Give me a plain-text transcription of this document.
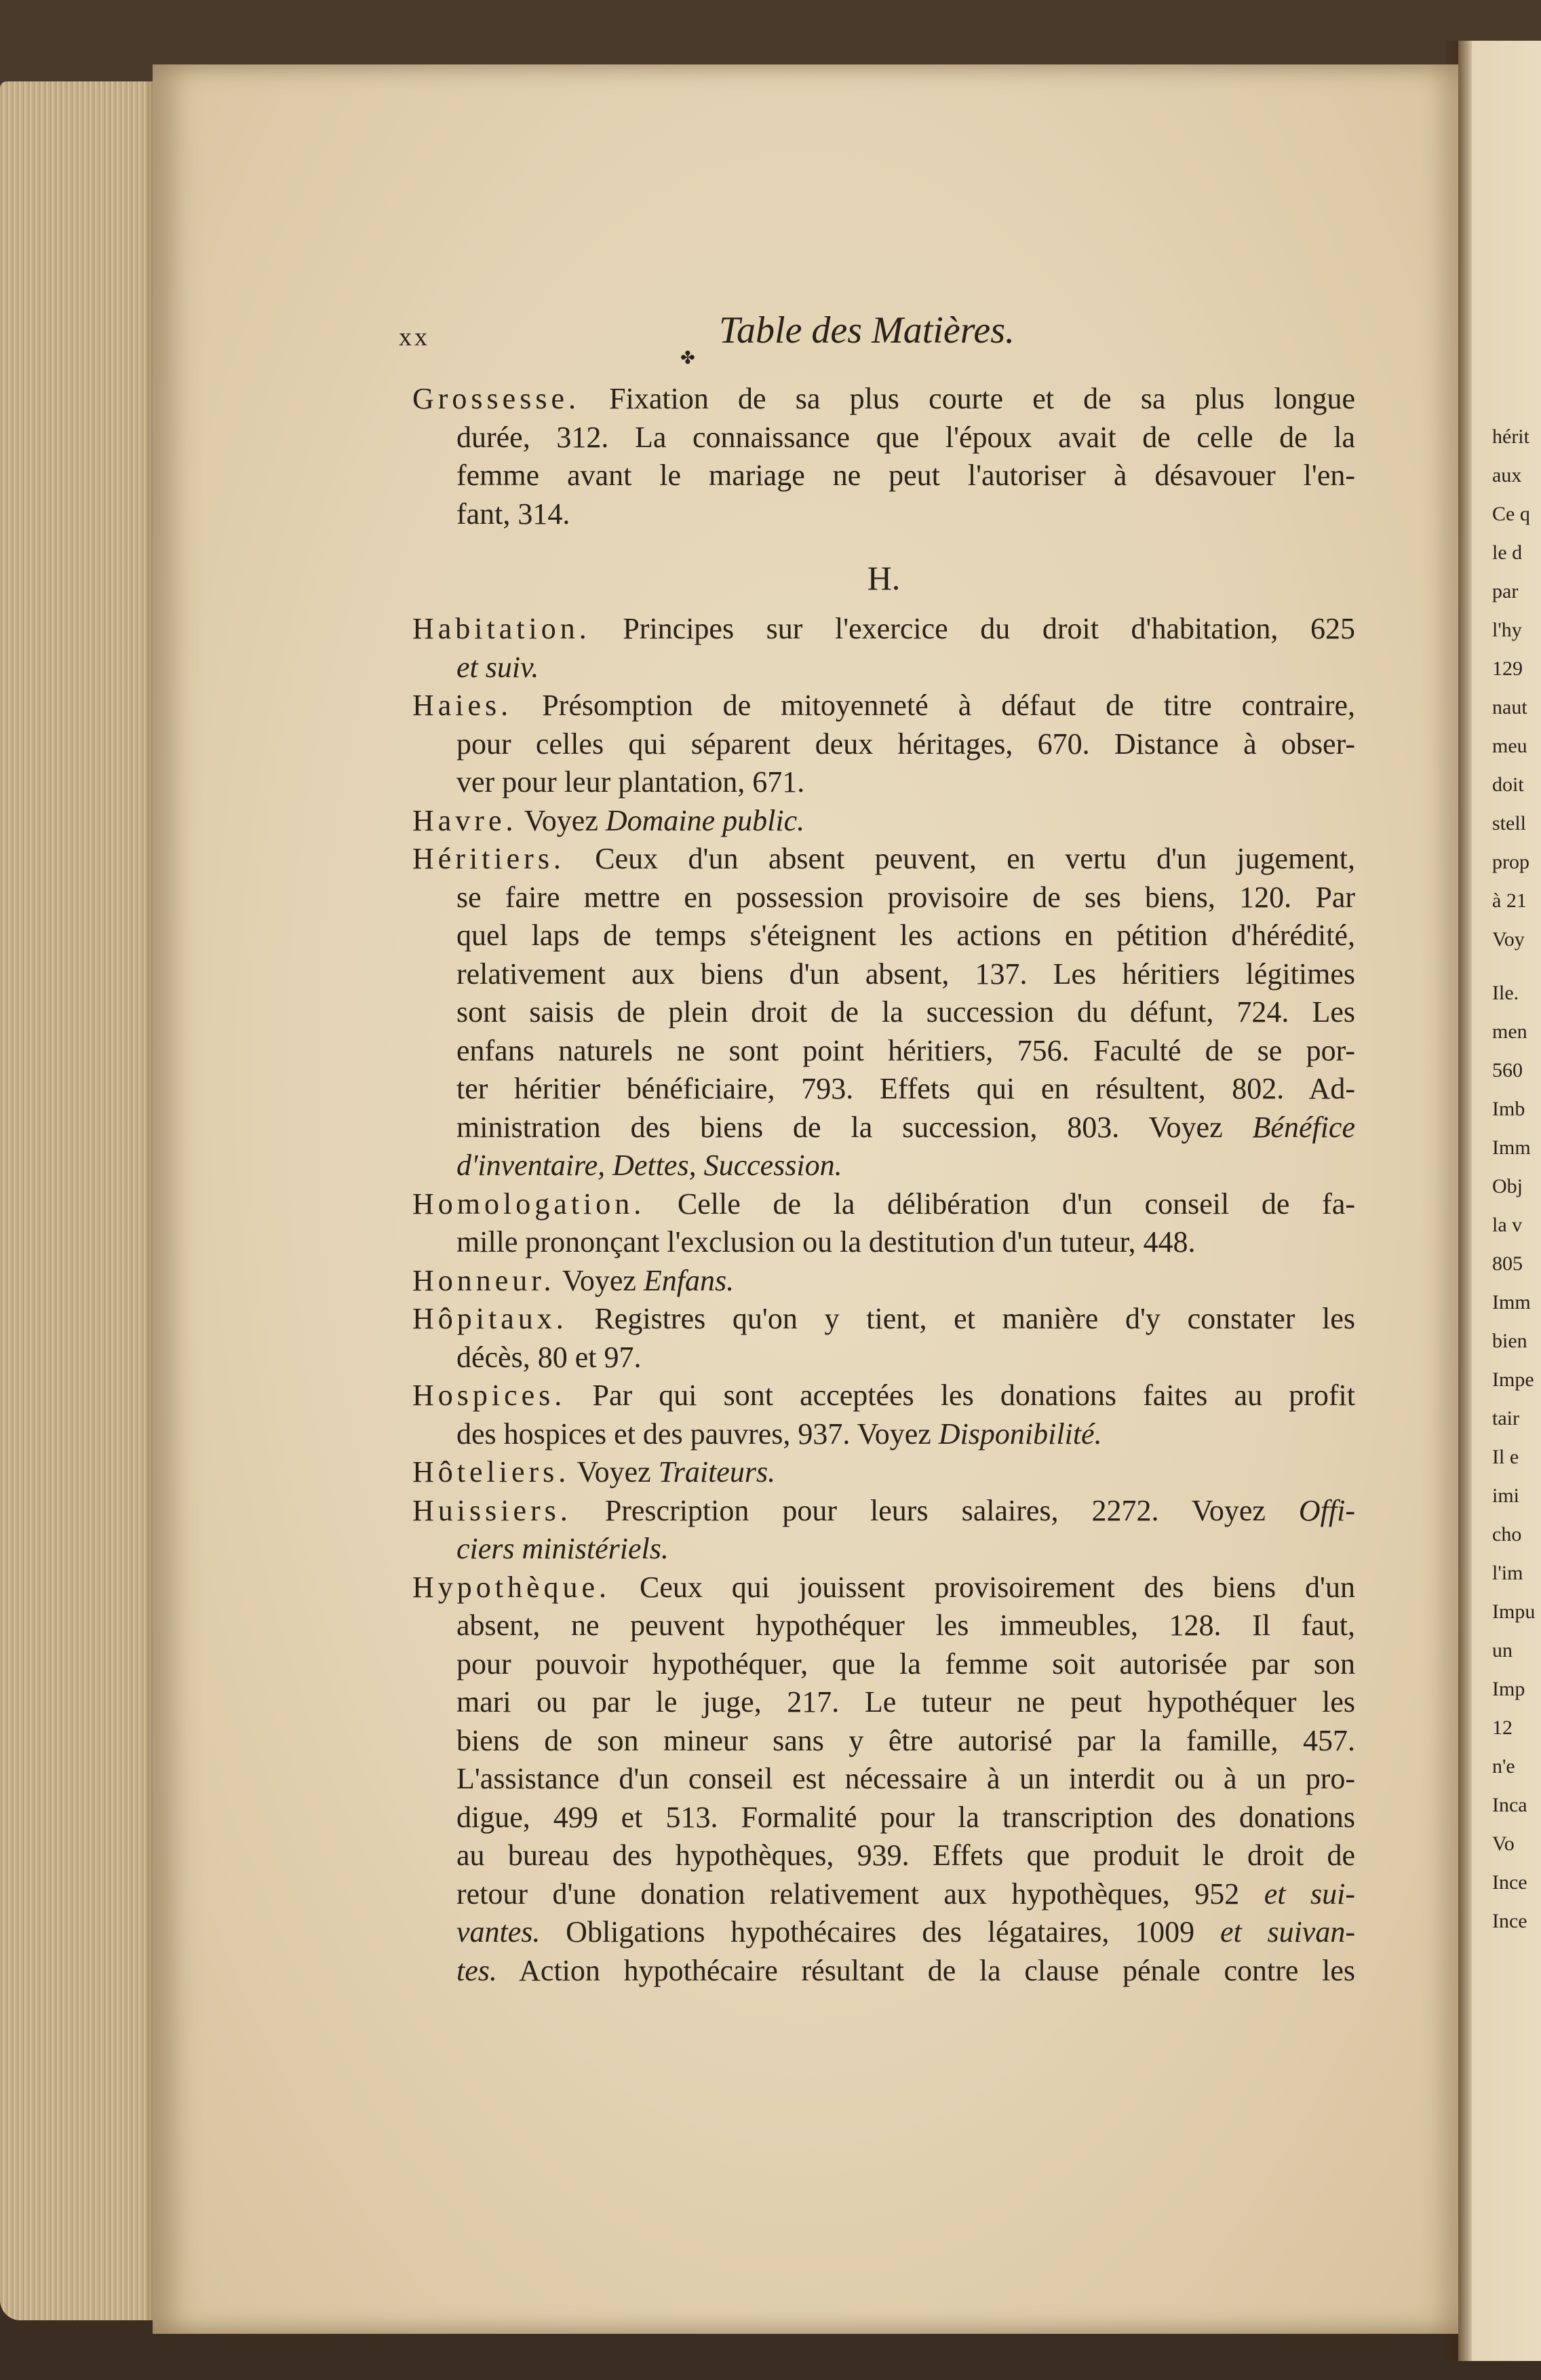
hérit
aux
Ce q
le d
par
l'hy
129
naut
meu
doit
stell
prop
à 21
Voy
Ile.
men
560
Imb
Imm
Obj
la v
805
Imm
bien
Impe
tair
Il e
imi
cho
l'im
Impu
un
Imp
12
n'e
Inca
Vo
Ince
Ince
xx	Table des Matières.
✤
Grossesse. Fixation de sa plus courte et de sa plus longue
durée, 312. La connaissance que l'époux avait de celle de la
femme avant le mariage ne peut l'autoriser à désavouer l'en-
fant, 314.
H.
Habitation. Principes sur l'exercice du droit d'habitation, 625
et suiv.
Haies. Présomption de mitoyenneté à défaut de titre contraire,
pour celles qui séparent deux héritages, 670. Distance à obser-
ver pour leur plantation, 671.
Havre. Voyez Domaine public.
Héritiers. Ceux d'un absent peuvent, en vertu d'un jugement,
se faire mettre en possession provisoire de ses biens, 120. Par
quel laps de temps s'éteignent les actions en pétition d'hérédité,
relativement aux biens d'un absent, 137. Les héritiers légitimes
sont saisis de plein droit de la succession du défunt, 724. Les
enfans naturels ne sont point héritiers, 756. Faculté de se por-
ter héritier bénéficiaire, 793. Effets qui en résultent, 802. Ad-
ministration des biens de la succession, 803. Voyez Bénéfice
d'inventaire, Dettes, Succession.
Homologation. Celle de la délibération d'un conseil de fa-
mille prononçant l'exclusion ou la destitution d'un tuteur, 448.
Honneur. Voyez Enfans.
Hôpitaux. Registres qu'on y tient, et manière d'y constater les
décès, 80 et 97.
Hospices. Par qui sont acceptées les donations faites au profit
des hospices et des pauvres, 937. Voyez Disponibilité.
Hôteliers. Voyez Traiteurs.
Huissiers. Prescription pour leurs salaires, 2272. Voyez Offi-
ciers ministériels.
Hypothèque. Ceux qui jouissent provisoirement des biens d'un
absent, ne peuvent hypothéquer les immeubles, 128. Il faut,
pour pouvoir hypothéquer, que la femme soit autorisée par son
mari ou par le juge, 217. Le tuteur ne peut hypothéquer les
biens de son mineur sans y être autorisé par la famille, 457.
L'assistance d'un conseil est nécessaire à un interdit ou à un pro-
digue, 499 et 513. Formalité pour la transcription des donations
au bureau des hypothèques, 939. Effets que produit le droit de
retour d'une donation relativement aux hypothèques, 952 et sui-
vantes. Obligations hypothécaires des légataires, 1009 et suivan-
tes. Action hypothécaire résultant de la clause pénale contre les
